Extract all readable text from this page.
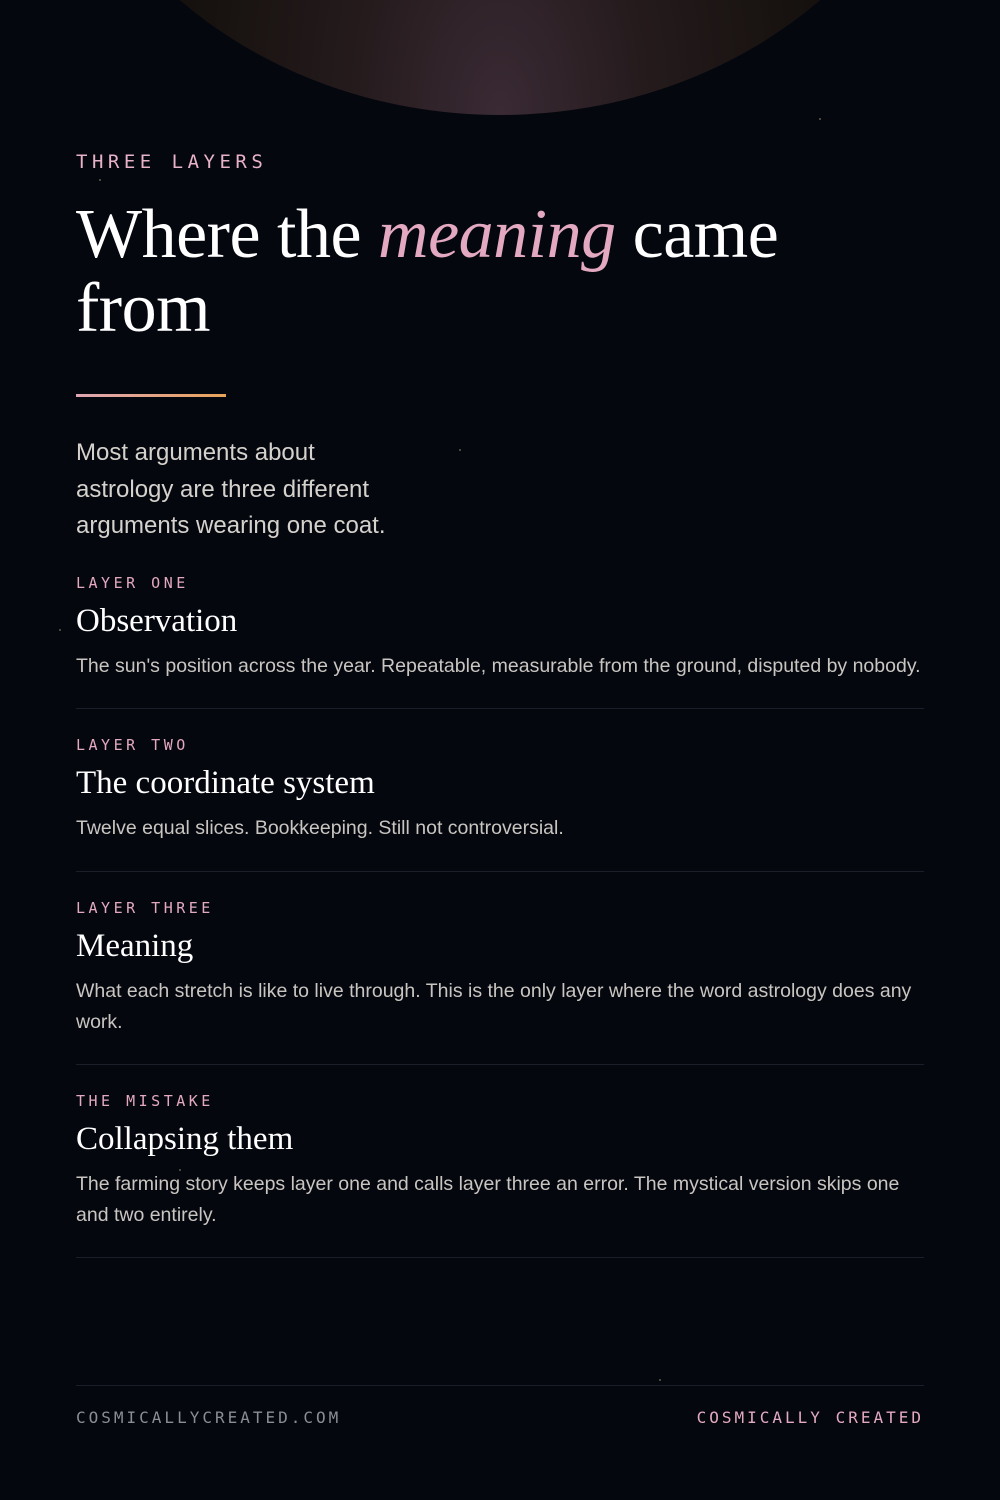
THREE LAYERS

Where the meaning came from

Most arguments about astrology are three different arguments wearing one coat.

LAYER ONE
Observation
The sun's position across the year. Repeatable, measurable from the ground, disputed by nobody.
LAYER TWO
The coordinate system
Twelve equal slices. Bookkeeping. Still not controversial.
LAYER THREE
Meaning
What each stretch is like to live through. This is the only layer where the word astrology does any work.
THE MISTAKE
Collapsing them
The farming story keeps layer one and calls layer three an error. The mystical version skips one and two entirely.
COSMICALLYCREATED.COM	COSMICALLY CREATED
